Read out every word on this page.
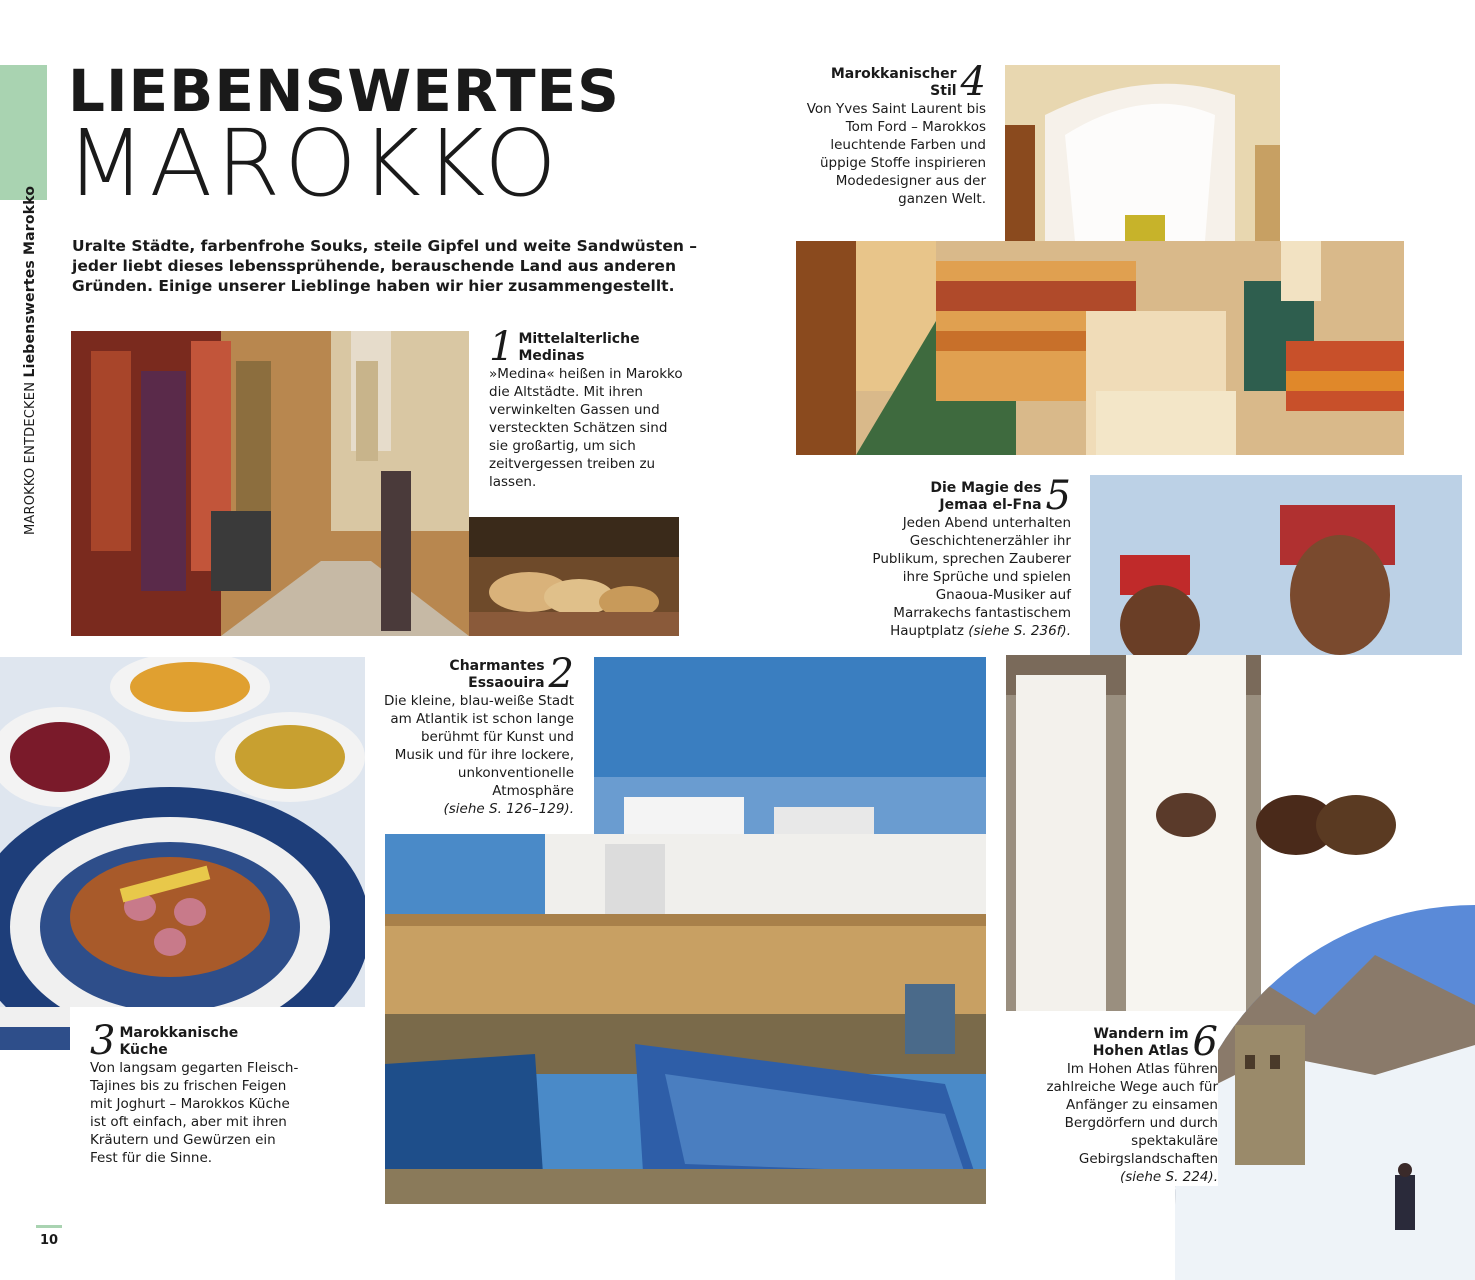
MAROKKO ENTDECKEN Liebenswertes Marokko
LIEBENSWERTES
MAROKKO
Uralte Städte, farbenfrohe Souks, steile Gipfel und weite Sandwüsten – jeder liebt dieses lebenssprühende, berauschende Land aus anderen Gründen. Einige unserer Lieblinge haben wir hier zusammengestellt.
1 Mittelalterliche Medinas
»Medina« heißen in Marokko die Altstädte. Mit ihren verwinkelten Gassen und versteckten Schätzen sind sie großartig, um sich zeitvergessen treiben zu lassen.
Marokkanischer Stil 4
Von Yves Saint Laurent bis Tom Ford – Marokkos leuchtende Farben und üppige Stoffe inspirieren Modedesigner aus der ganzen Welt.
Die Magie des Jemaa el-Fna 5
Jeden Abend unterhalten Geschichtenerzähler ihr Publikum, sprechen Zauberer ihre Sprüche und spielen Gnaoua-Musiker auf Marrakechs fantastischem Hauptplatz (siehe S. 236f).
3 Marokkanische Küche
Von langsam gegarten Fleisch-Tajines bis zu frischen Feigen mit Joghurt – Marokkos Küche ist oft einfach, aber mit ihren Kräutern und Gewürzen ein Fest für die Sinne.
Charmantes Essaouira 2
Die kleine, blau-weiße Stadt am Atlantik ist schon lange berühmt für Kunst und Musik und für ihre lockere, unkonventionelle Atmosphäre
(siehe S. 126–129).
Wandern im Hohen Atlas 6
Im Hohen Atlas führen zahlreiche Wege auch für Anfänger zu einsamen Bergdörfern und durch spektakuläre Gebirgslandschaften (siehe S. 224).
10
